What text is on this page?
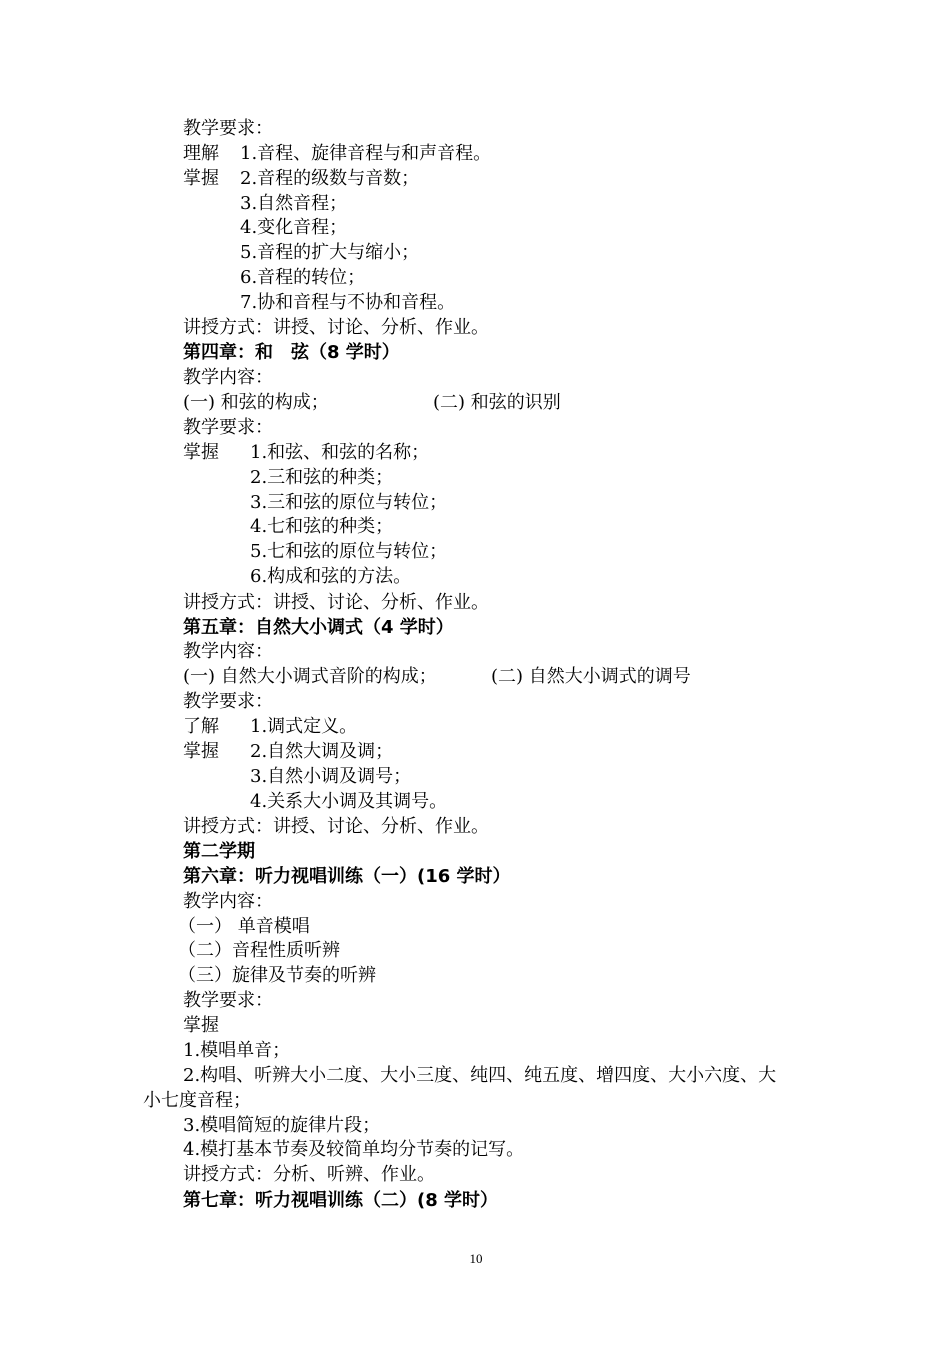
教学要求：
理解 1.音程、旋律音程与和声音程。
掌握 2.音程的级数与音数；
3.自然音程；
4.变化音程；
5.音程的扩大与缩小；
6.音程的转位；
7.协和音程与不协和音程。
讲授方式：讲授、讨论、分析、作业。
第四章：和　弦（8 学时）
教学内容：
(一) 和弦的构成；	(二) 和弦的识别
教学要求：
掌握 1.和弦、和弦的名称；
2.三和弦的种类；
3.三和弦的原位与转位；
4.七和弦的种类；
5.七和弦的原位与转位；
6.构成和弦的方法。
讲授方式：讲授、讨论、分析、作业。
第五章：自然大小调式（4 学时）
教学内容：
(一) 自然大小调式音阶的构成；	(二) 自然大小调式的调号
教学要求：
了解 1.调式定义。
掌握 2.自然大调及调；
3.自然小调及调号；
4.关系大小调及其调号。
讲授方式：讲授、讨论、分析、作业。
第二学期
第六章：听力视唱训练（一）(16 学时）
教学内容：
（一） 单音模唱
（二）音程性质听辨
（三）旋律及节奏的听辨
教学要求：
掌握
1.模唱单音；
2.构唱、听辨大小二度、大小三度、纯四、纯五度、增四度、大小六度、大
小七度音程；
3.模唱简短的旋律片段；
4.模打基本节奏及较简单均分节奏的记写。
讲授方式：分析、听辨、作业。
第七章：听力视唱训练（二）(8 学时）
10
